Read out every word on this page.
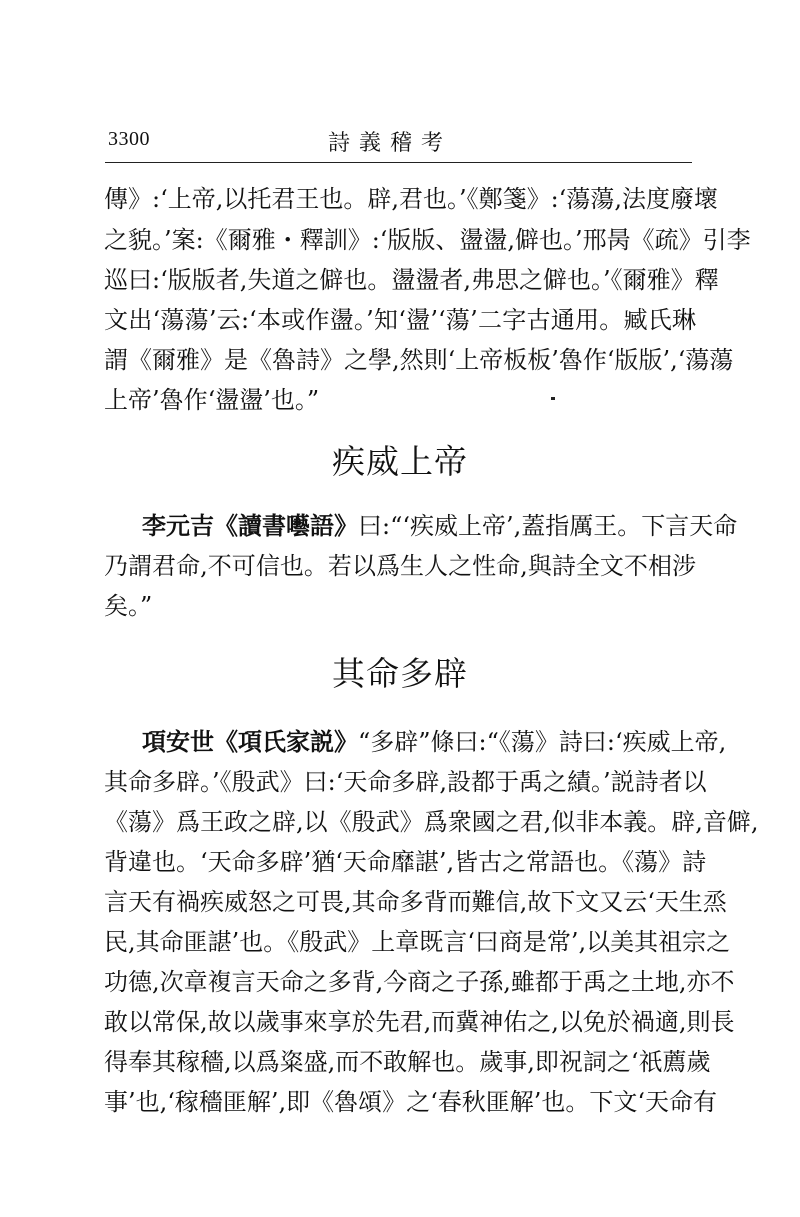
3300	詩義稽考
傳》:‘上帝,以托君王也。辟,君也。’《鄭箋》:‘蕩蕩,法度廢壞
之貌。’案:《爾雅・釋訓》:‘版版、盪盪,僻也。’邢昺《疏》引李
巡曰:‘版版者,失道之僻也。盪盪者,弗思之僻也。’《爾雅》釋
文出‘蕩蕩’云:‘本或作盪。’知‘盪’‘蕩’二字古通用。臧氏琳
謂《爾雅》是《魯詩》之學,然則‘上帝板板’魯作‘版版’,‘蕩蕩
上帝’魯作‘盪盪’也。”
疾威上帝
李元吉《讀書囈語》曰:“‘疾威上帝’,蓋指厲王。下言天命
乃謂君命,不可信也。若以爲生人之性命,與詩全文不相涉
矣。”
其命多辟
項安世《項氏家説》“多辟”條曰:“《蕩》詩曰:‘疾威上帝,
其命多辟。’《殷武》曰:‘天命多辟,設都于禹之績。’説詩者以
《蕩》爲王政之辟,以《殷武》爲衆國之君,似非本義。辟,音僻,
背違也。‘天命多辟’猶‘天命靡諶’,皆古之常語也。《蕩》詩
言天有禍疾威怒之可畏,其命多背而難信,故下文又云‘天生烝
民,其命匪諶’也。《殷武》上章既言‘曰商是常’,以美其祖宗之
功德,次章複言天命之多背,今商之子孫,雖都于禹之土地,亦不
敢以常保,故以歲事來享於先君,而冀神佑之,以免於禍適,則長
得奉其稼穡,以爲粢盛,而不敢解也。歲事,即祝詞之‘祇薦歲
事’也,‘稼穡匪解’,即《魯頌》之‘春秋匪解’也。下文‘天命有
